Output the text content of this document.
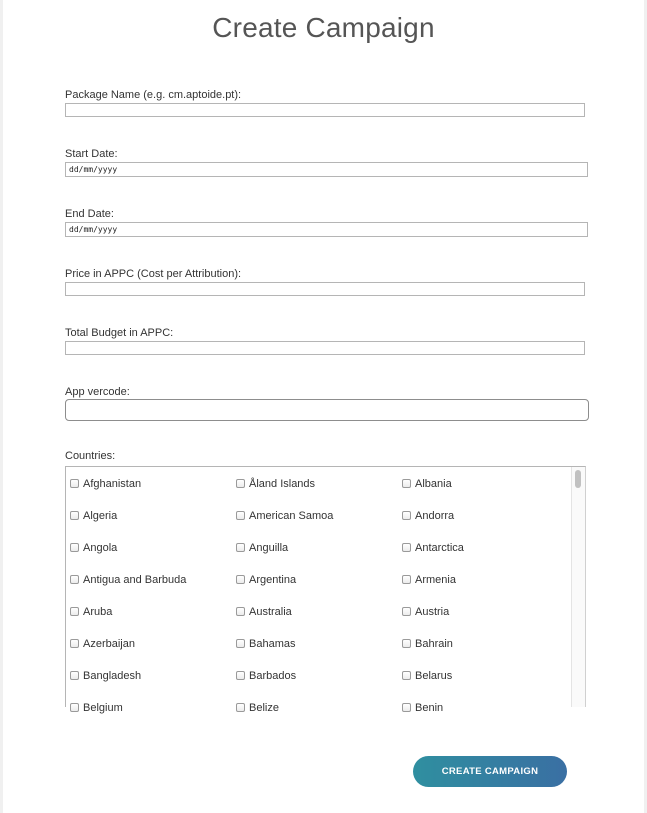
Create Campaign
Package Name (e.g. cm.aptoide.pt):
Start Date:
dd/mm/yyyy
End Date:
dd/mm/yyyy
Price in APPC (Cost per Attribution):
Total Budget in APPC:
App vercode:
Countries:
Afghanistan	Åland Islands	Albania
Algeria	American Samoa	Andorra
Angola	Anguilla	Antarctica
Antigua and Barbuda	Argentina	Armenia
Aruba	Australia	Austria
Azerbaijan	Bahamas	Bahrain
Bangladesh	Barbados	Belarus
Belgium	Belize	Benin
CREATE CAMPAIGN
